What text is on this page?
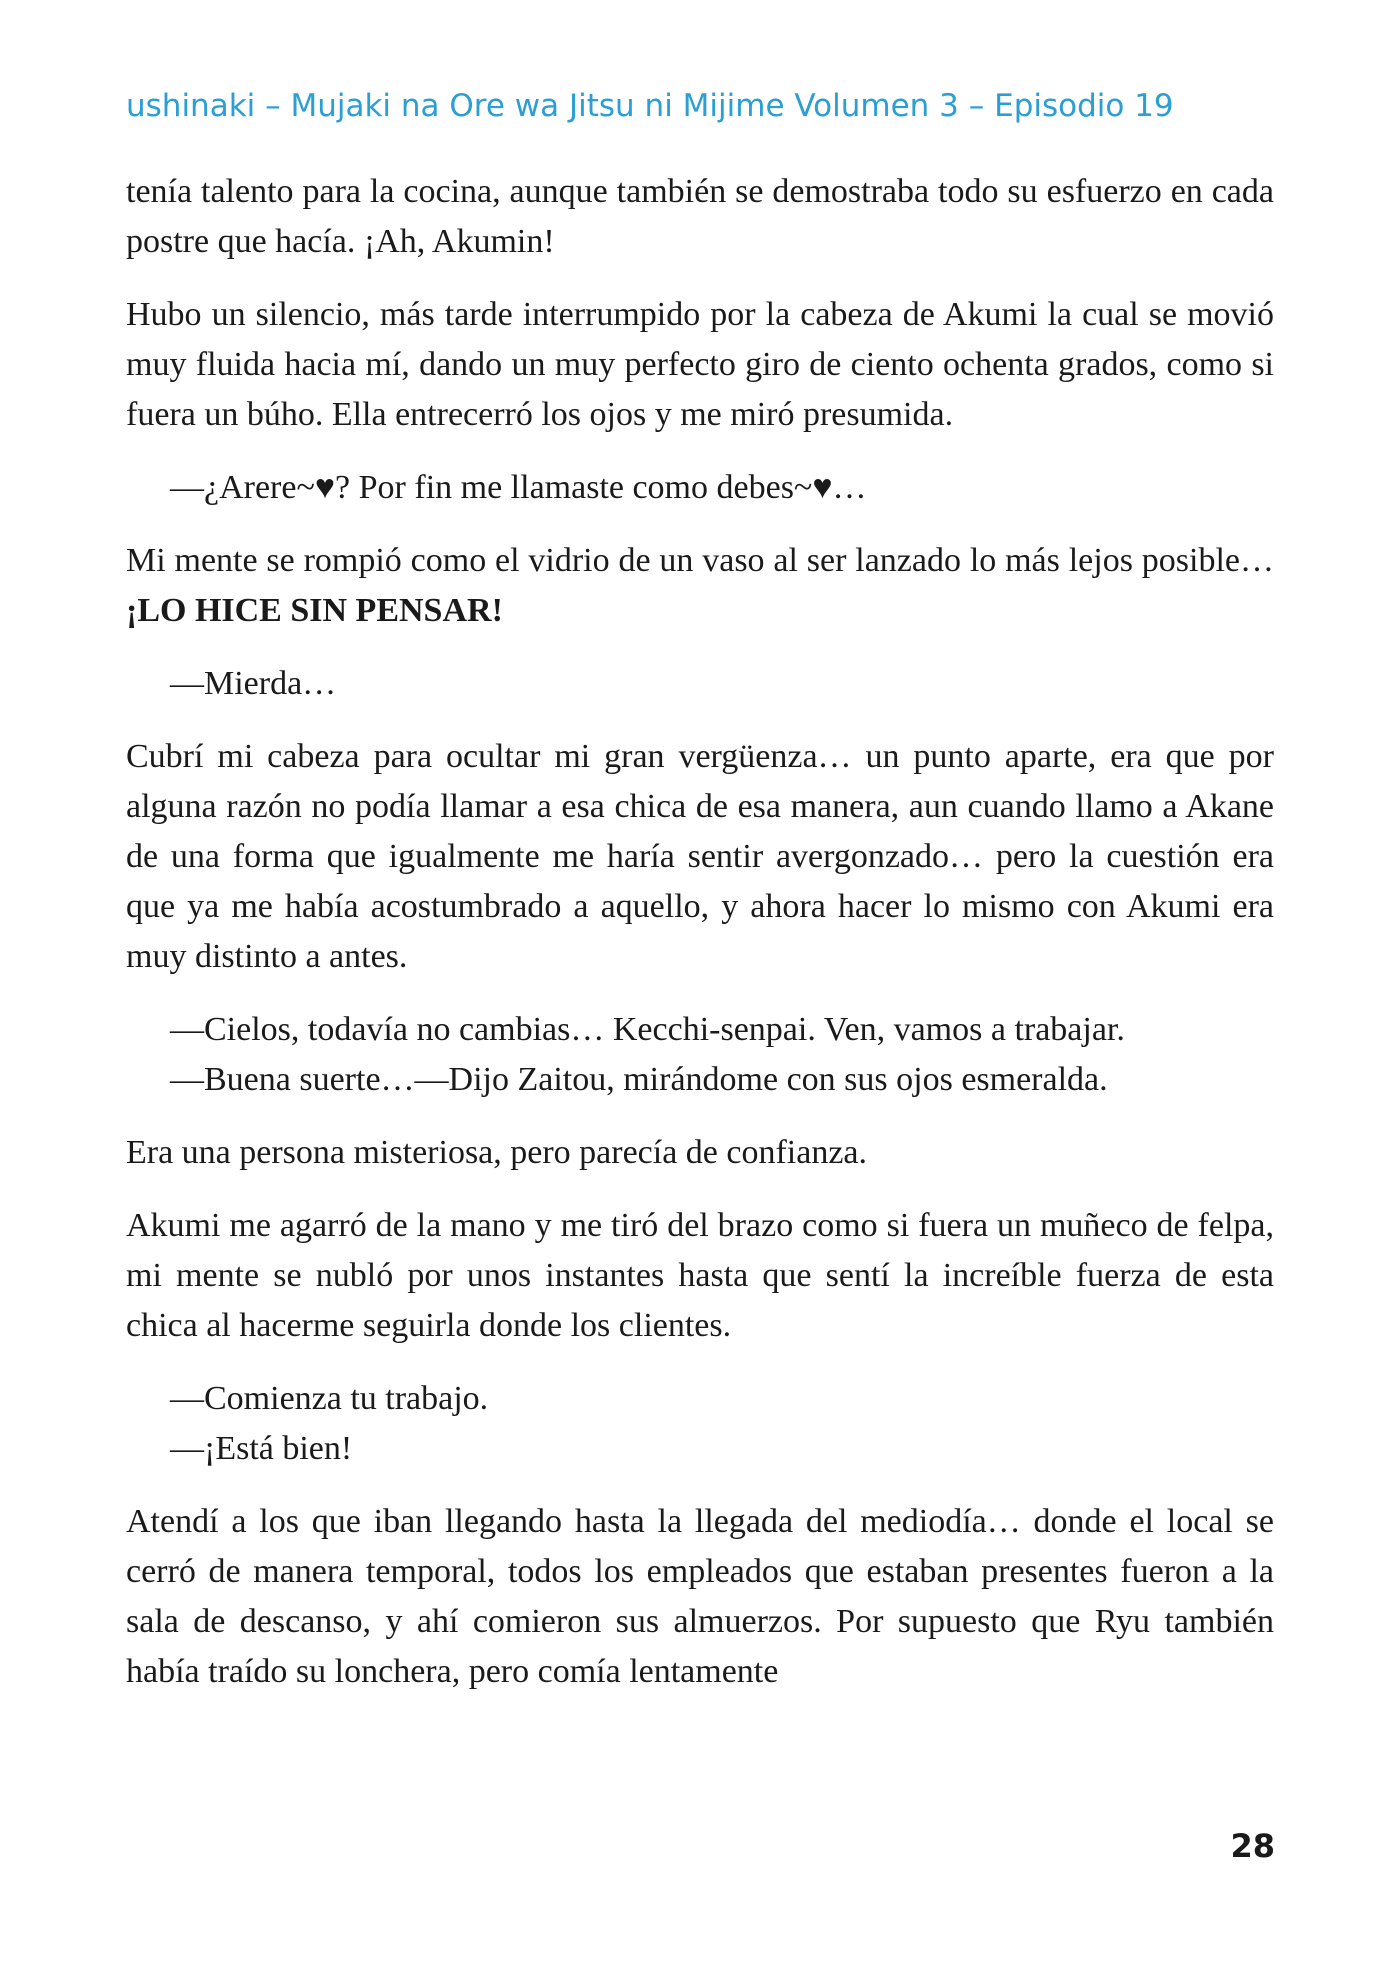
ushinaki – Mujaki na Ore wa Jitsu ni Mijime Volumen 3 – Episodio 19

tenía talento para la cocina, aunque también se demostraba todo su esfuerzo en cada postre que hacía. ¡Ah, Akumin!

Hubo un silencio, más tarde interrumpido por la cabeza de Akumi la cual se movió muy fluida hacia mí, dando un muy perfecto giro de ciento ochenta grados, como si fuera un búho. Ella entrecerró los ojos y me miró presumida.

—¿Arere~♥? Por fin me llamaste como debes~♥…

Mi mente se rompió como el vidrio de un vaso al ser lanzado lo más lejos posible… ¡LO HICE SIN PENSAR!

—Mierda…

Cubrí mi cabeza para ocultar mi gran vergüenza… un punto aparte, era que por alguna razón no podía llamar a esa chica de esa manera, aun cuando llamo a Akane de una forma que igualmente me haría sentir avergonzado… pero la cuestión era que ya me había acostumbrado a aquello, y ahora hacer lo mismo con Akumi era muy distinto a antes.

—Cielos, todavía no cambias… Kecchi-senpai. Ven, vamos a trabajar.

—Buena suerte…—Dijo Zaitou, mirándome con sus ojos esmeralda.

Era una persona misteriosa, pero parecía de confianza.

Akumi me agarró de la mano y me tiró del brazo como si fuera un muñeco de felpa, mi mente se nubló por unos instantes hasta que sentí la increíble fuerza de esta chica al hacerme seguirla donde los clientes.

—Comienza tu trabajo.

—¡Está bien!

Atendí a los que iban llegando hasta la llegada del mediodía… donde el local se cerró de manera temporal, todos los empleados que estaban presentes fueron a la sala de descanso, y ahí comieron sus almuerzos. Por supuesto que Ryu también había traído su lonchera, pero comía lentamente

28
